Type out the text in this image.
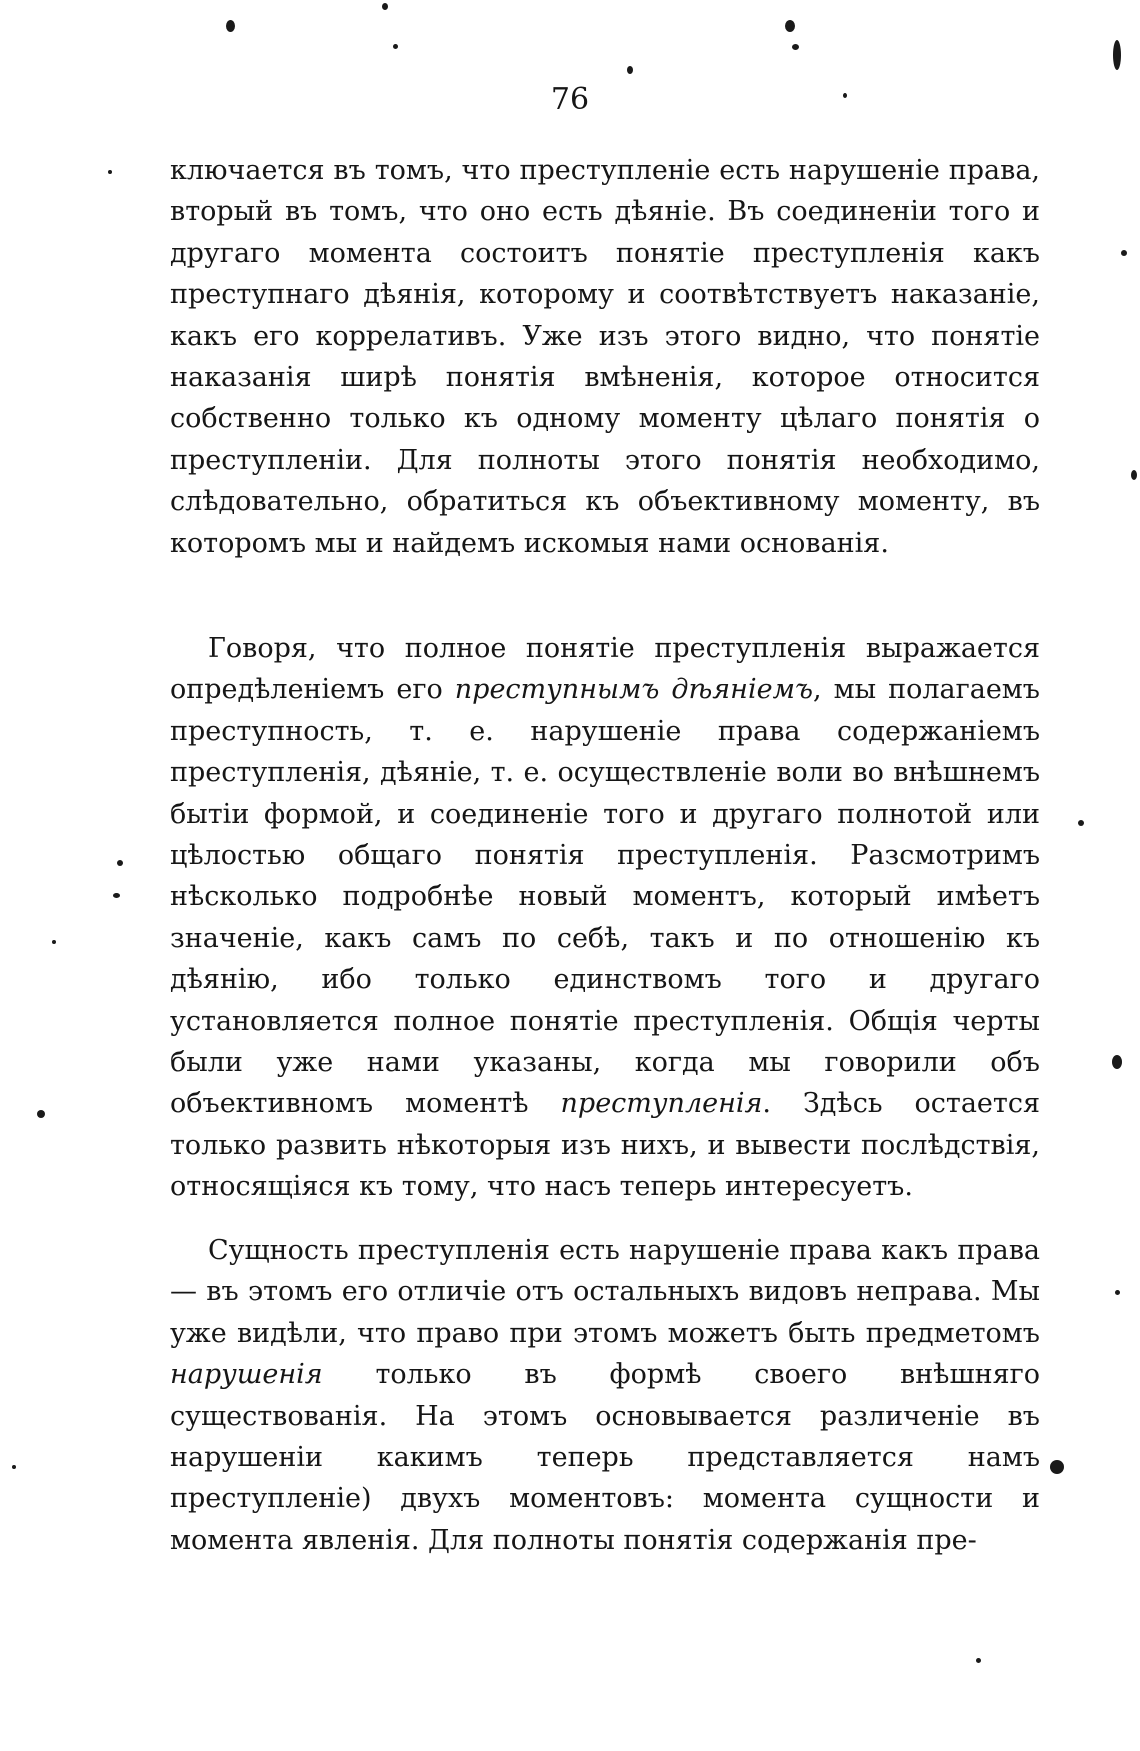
76

ключается въ томъ, что преступленіе есть нарушеніе права, вторый въ томъ, что оно есть дѣяніе. Въ соединеніи того и другаго момента состоитъ понятіе преступленія какъ преступнаго дѣянія, которому и соотвѣтствуетъ наказаніе, какъ его коррелативъ. Уже изъ этого видно, что понятіе наказанія ширѣ понятія вмѣненія, которое относится собственно только къ одному моменту цѣлаго понятія о преступленіи. Для полноты этого понятія необходимо, слѣдовательно, обратиться къ объективному моменту, въ которомъ мы и найдемъ искомыя нами основанія.

Говоря, что полное понятіе преступленія выражается опредѣленіемъ его преступнымъ дѣяніемъ, мы полагаемъ преступность, т. е. нарушеніе права содержаніемъ преступленія, дѣяніе, т. е. осуществленіе воли во внѣшнемъ бытіи формой, и соединеніе того и другаго полнотой или цѣлостью общаго понятія преступленія. Разсмотримъ нѣсколько подробнѣе новый моментъ, который имѣетъ значеніе, какъ самъ по себѣ, такъ и по отношенію къ дѣянію, ибо только единствомъ того и другаго установляется полное понятіе преступленія. Общія черты были уже нами указаны, когда мы говорили объ объективномъ моментѣ преступленія. Здѣсь остается только развить нѣкоторыя изъ нихъ, и вывести послѣдствія, относящіяся къ тому, что насъ теперь интересуетъ.

Сущность преступленія есть нарушеніе права какъ права — въ этомъ его отличіе отъ остальныхъ видовъ неправа. Мы уже видѣли, что право при этомъ можетъ быть предметомъ нарушенія только въ формѣ своего внѣшняго существованія. На этомъ основывается различеніе въ нарушеніи какимъ теперь представляется намъ преступленіе) двухъ моментовъ: момента сущности и момента явленія. Для полноты понятія содержанія пре-
